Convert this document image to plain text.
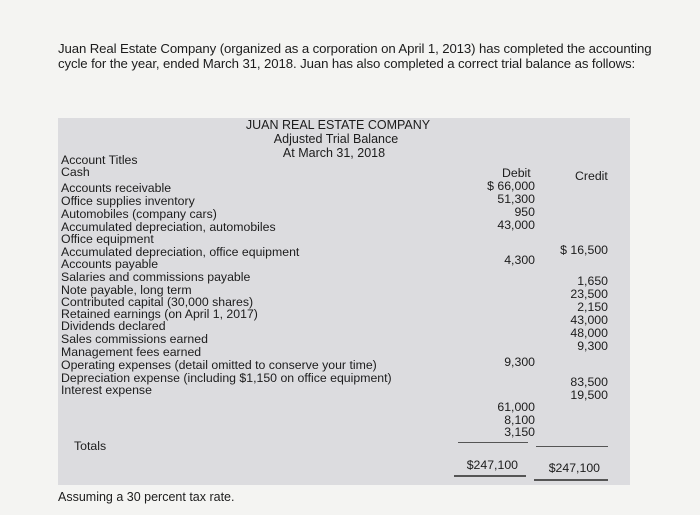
Juan Real Estate Company (organized as a corporation on April 1, 2013) has completed the accounting cycle for the year, ended March 31, 2018. Juan has also completed a correct trial balance as follows:
JUAN REAL ESTATE COMPANY
Adjusted Trial Balance
At March 31, 2018
Account Titles
Debit	Credit
Cash
Accounts receivable
Office supplies inventory
Automobiles (company cars)
Accumulated depreciation, automobiles
Office equipment
Accumulated depreciation, office equipment
Accounts payable
Salaries and commissions payable
Note payable, long term
Contributed capital (30,000 shares)
Retained earnings (on April 1, 2017)
Dividends declared
Sales commissions earned
Management fees earned
Operating expenses (detail omitted to conserve your time)
Depreciation expense (including $1,150 on office equipment)
Interest expense
$ 66,000
51,300
950
43,000
4,300
9,300
61,000
8,100
3,150
$ 16,500
1,650
23,500
2,150
43,000
48,000
9,300
83,500
19,500
Totals
$247,100 $247,100
Assuming a 30 percent tax rate.
